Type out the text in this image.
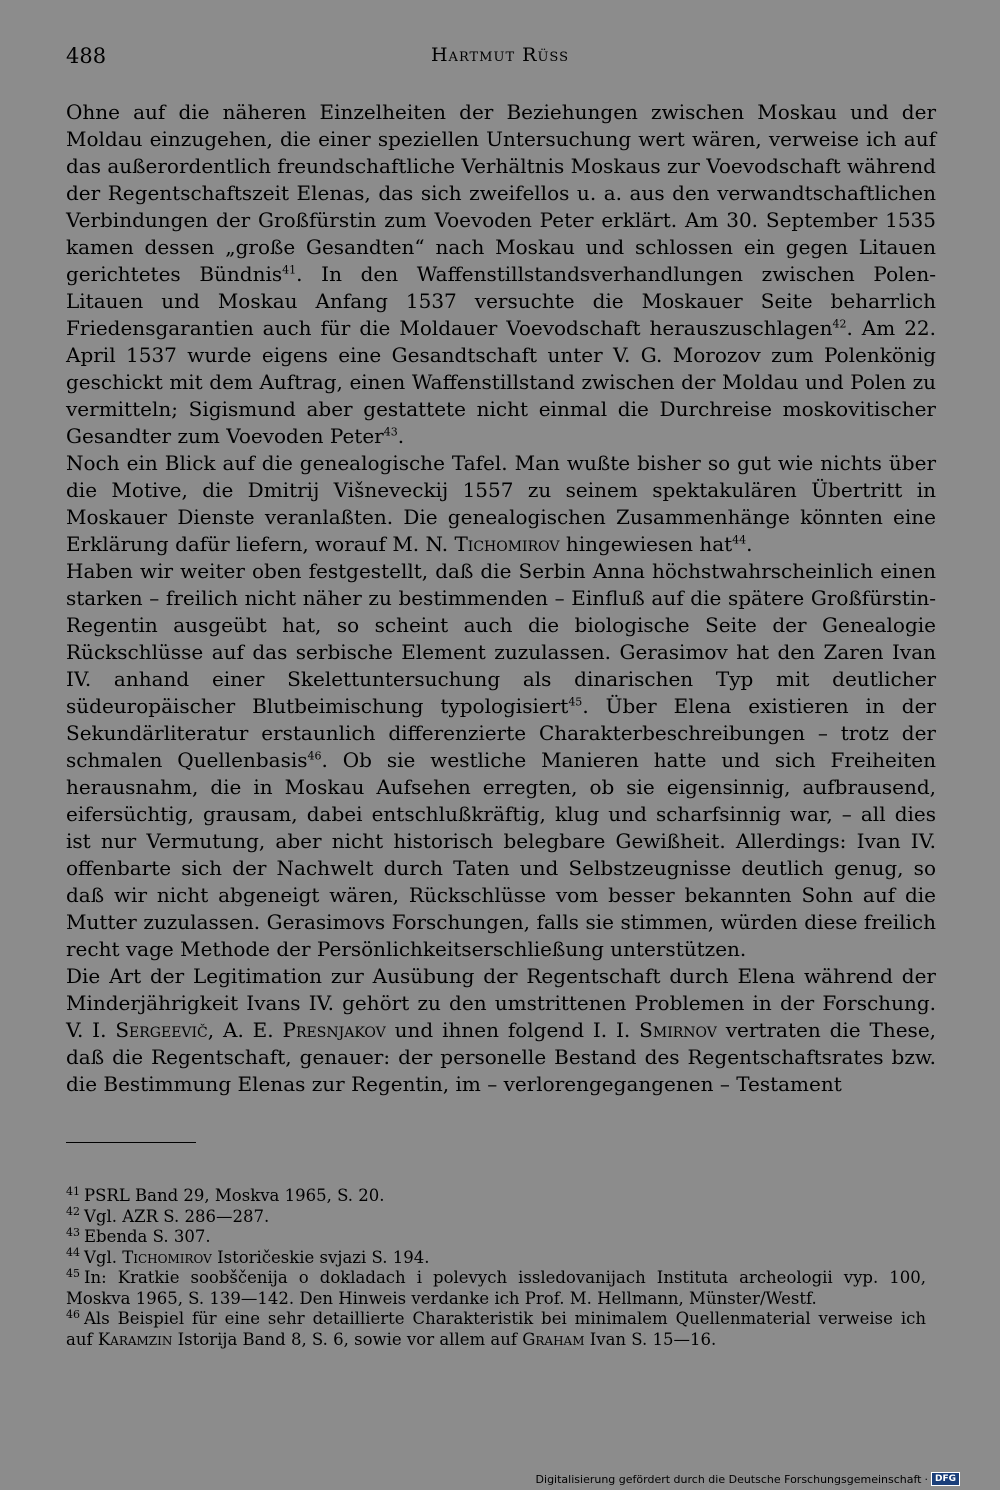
488	Hartmut Rüss

Ohne auf die näheren Einzelheiten der Beziehungen zwischen Moskau und der Moldau einzugehen, die einer speziellen Untersuchung wert wären, verweise ich auf das außerordentlich freundschaftliche Verhältnis Moskaus zur Voevodschaft während der Regentschaftszeit Elenas, das sich zweifellos u. a. aus den verwandtschaftlichen Verbindungen der Großfürstin zum Voevoden Peter erklärt. Am 30. September 1535 kamen dessen „große Gesandten“ nach Moskau und schlossen ein gegen Litauen gerichtetes Bündnis$^{41}$. In den Waffenstillstandsverhandlungen zwischen Polen-Litauen und Moskau Anfang 1537 versuchte die Moskauer Seite beharrlich Friedensgarantien auch für die Moldauer Voevodschaft herauszuschlagen$^{42}$. Am 22. April 1537 wurde eigens eine Gesandtschaft unter V. G. Morozov zum Polenkönig geschickt mit dem Auftrag, einen Waffenstillstand zwischen der Moldau und Polen zu vermitteln; Sigismund aber gestattete nicht einmal die Durchreise moskovitischer Gesandter zum Voevoden Peter$^{43}$.

Noch ein Blick auf die genealogische Tafel. Man wußte bisher so gut wie nichts über die Motive, die Dmitrij Višneveckij 1557 zu seinem spektakulären Übertritt in Moskauer Dienste veranlaßten. Die genealogischen Zusammenhänge könnten eine Erklärung dafür liefern, worauf M. N. Tichomirov hingewiesen hat$^{44}$.

Haben wir weiter oben festgestellt, daß die Serbin Anna höchstwahrscheinlich einen starken – freilich nicht näher zu bestimmenden – Einfluß auf die spätere Großfürstin-Regentin ausgeübt hat, so scheint auch die biologische Seite der Genealogie Rückschlüsse auf das serbische Element zuzulassen. Gerasimov hat den Zaren Ivan IV. anhand einer Skelettuntersuchung als dinarischen Typ mit deutlicher südeuropäischer Blutbeimischung typologisiert$^{45}$. Über Elena existieren in der Sekundärliteratur erstaunlich differenzierte Charakterbeschreibungen – trotz der schmalen Quellenbasis$^{46}$. Ob sie westliche Manieren hatte und sich Freiheiten herausnahm, die in Moskau Aufsehen erregten, ob sie eigensinnig, aufbrausend, eifersüchtig, grausam, dabei entschlußkräftig, klug und scharfsinnig war, – all dies ist nur Vermutung, aber nicht historisch belegbare Gewißheit. Allerdings: Ivan IV. offenbarte sich der Nachwelt durch Taten und Selbstzeugnisse deutlich genug, so daß wir nicht abgeneigt wären, Rückschlüsse vom besser bekannten Sohn auf die Mutter zuzulassen. Gerasimovs Forschungen, falls sie stimmen, würden diese freilich recht vage Methode der Persönlichkeitserschließung unterstützen.

Die Art der Legitimation zur Ausübung der Regentschaft durch Elena während der Minderjährigkeit Ivans IV. gehört zu den umstrittenen Problemen in der Forschung. V. I. Sergeevič, A. E. Presnjakov und ihnen folgend I. I. Smirnov vertraten die These, daß die Regentschaft, genauer: der personelle Bestand des Regentschaftsrates bzw. die Bestimmung Elenas zur Regentin, im – verlorengegangenen – Testament

$^{41}$ PSRL Band 29, Moskva 1965, S. 20.

$^{42}$ Vgl. AZR S. 286—287.

$^{43}$ Ebenda S. 307.

$^{44}$ Vgl. Tichomirov Istoričeskie svjazi S. 194.

$^{45}$ In: Kratkie soobščenija o dokladach i polevych issledovanijach Instituta archeologii vyp. 100, Moskva 1965, S. 139—142. Den Hinweis verdanke ich Prof. M. Hellmann, Münster/Westf.

$^{46}$ Als Beispiel für eine sehr detaillierte Charakteristik bei minimalem Quellenmaterial verweise ich auf Karamzin Istorija Band 8, S. 6, sowie vor allem auf Graham Ivan S. 15—16.

Digitalisierung gefördert durch die Deutsche Forschungsgemeinschaft · DFG
